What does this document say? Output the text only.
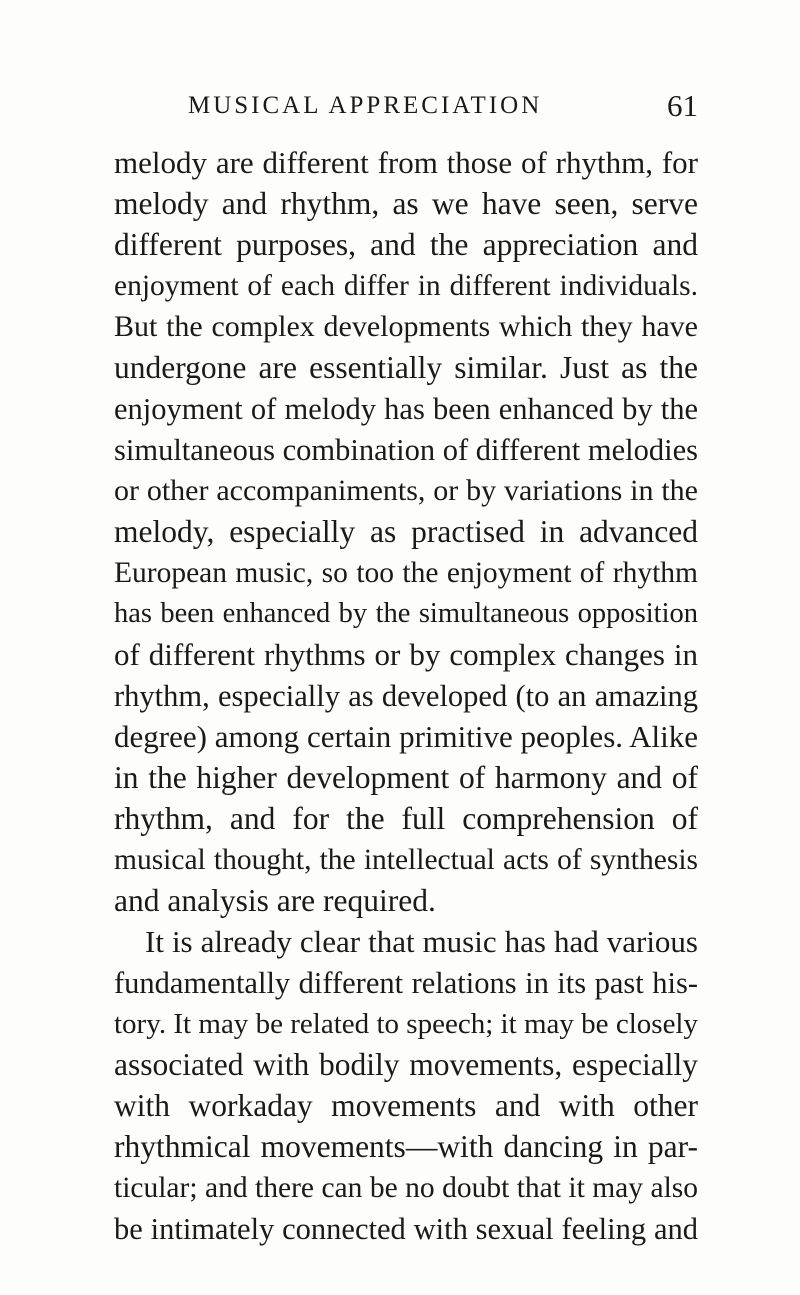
MUSICAL APPRECIATION	61
melody are different from those of rhythm, for
melody and rhythm, as we have seen, serve
different purposes, and the appreciation and
enjoyment of each differ in different individuals.
But the complex developments which they have
undergone are essentially similar. Just as the
enjoyment of melody has been enhanced by the
simultaneous combination of different melodies
or other accompaniments, or by variations in the
melody, especially as practised in advanced
European music, so too the enjoyment of rhythm
has been enhanced by the simultaneous opposition
of different rhythms or by complex changes in
rhythm, especially as developed (to an amazing
degree) among certain primitive peoples. Alike
in the higher development of harmony and of
rhythm, and for the full comprehension of
musical thought, the intellectual acts of synthesis
and analysis are required.
It is already clear that music has had various
fundamentally different relations in its past his-
tory. It may be related to speech; it may be closely
associated with bodily movements, especially
with workaday movements and with other
rhythmical movements—with dancing in par-
ticular; and there can be no doubt that it may also
be intimately connected with sexual feeling and
